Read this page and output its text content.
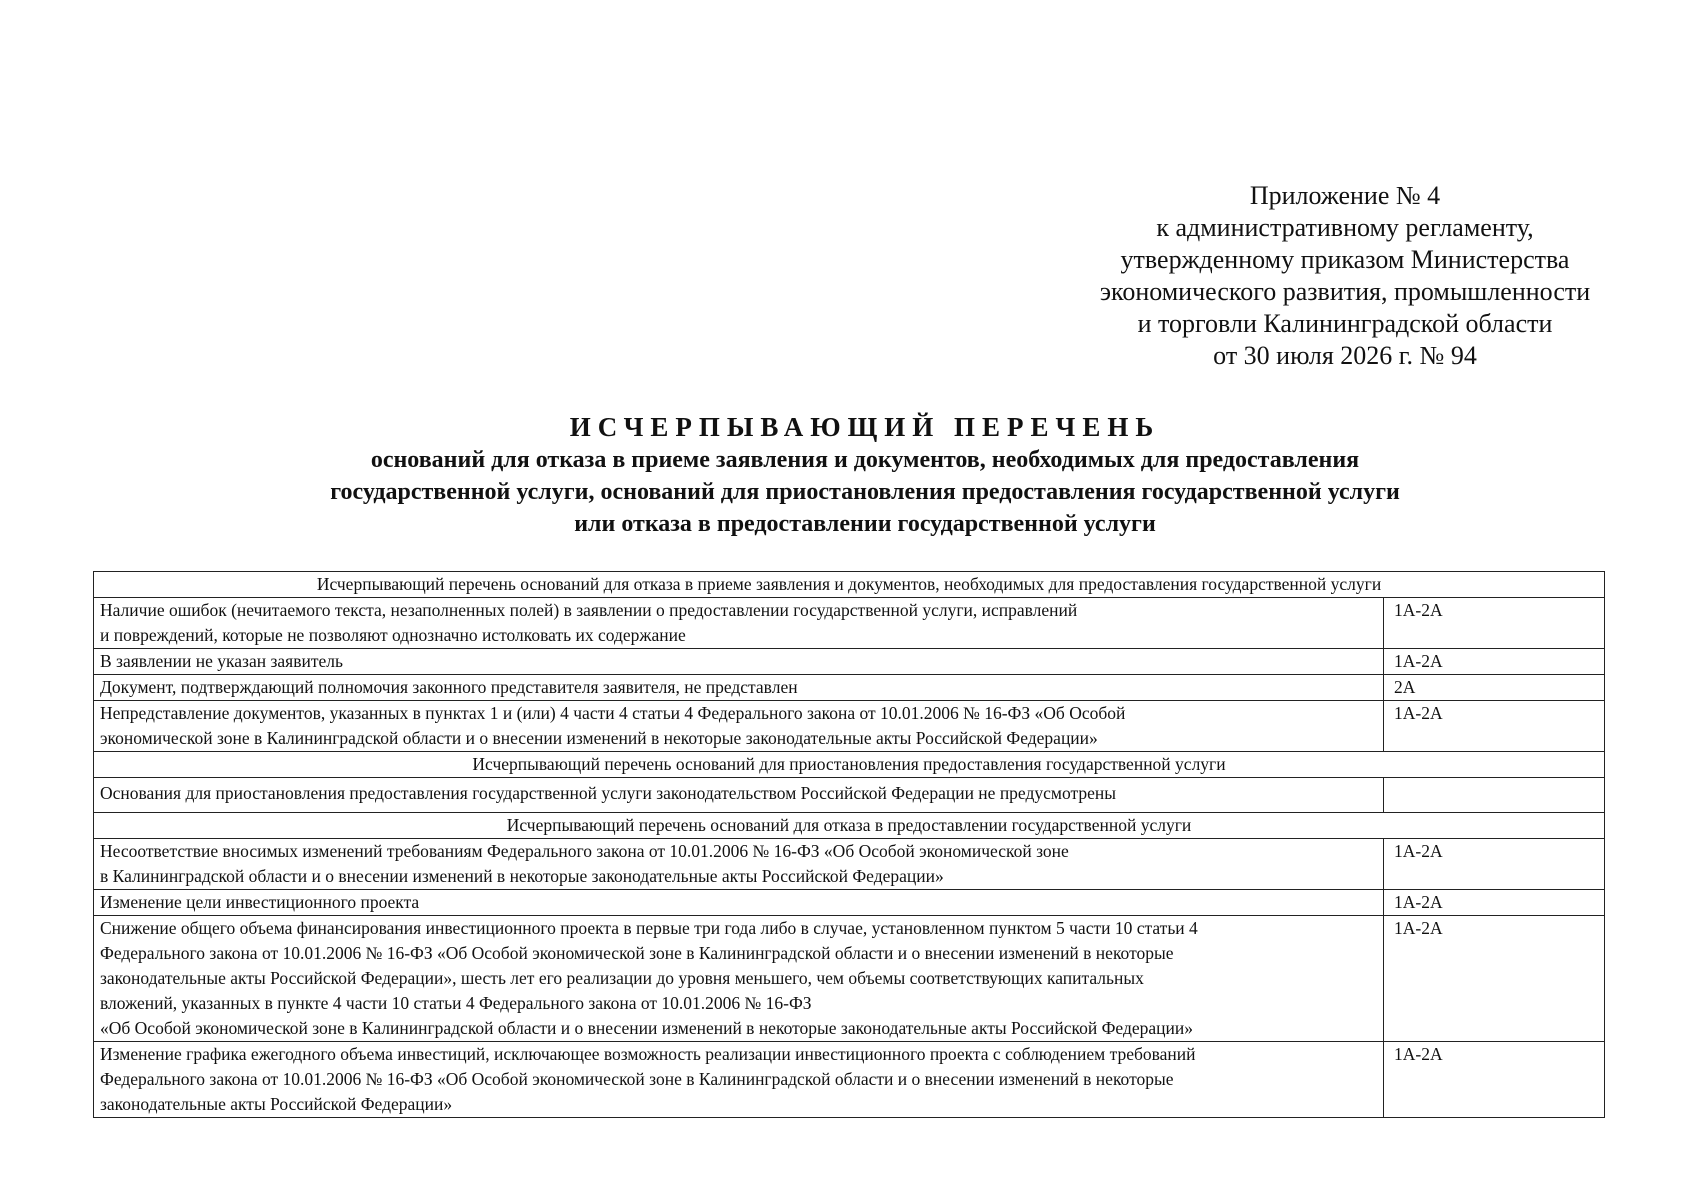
Приложение № 4
к административному регламенту,
утвержденному приказом Министерства
экономического развития, промышленности
и торговли Калининградской области
от 30 июля 2026 г. № 94
ИСЧЕРПЫВАЮЩИЙ ПЕРЕЧЕНЬ
оснований для отказа в приеме заявления и документов, необходимых для предоставления
государственной услуги, оснований для приостановления предоставления государственной услуги
или отказа в предоставлении государственной услуги
Исчерпывающий перечень оснований для отказа в приеме заявления и документов, необходимых для предоставления государственной услуги	

Наличие ошибок (нечитаемого текста, незаполненных полей) в заявлении о предоставлении государственной услуги, исправлений
и повреждений, которые не позволяют однозначно истолковать их содержание	1А-2А

В заявлении не указан заявитель	1А-2А

Документ, подтверждающий полномочия законного представителя заявителя, не представлен	2А

Непредставление документов, указанных в пунктах 1 и (или) 4 части 4 статьи 4 Федерального закона от 10.01.2006 № 16-ФЗ «Об Особой
экономической зоне в Калининградской области и о внесении изменений в некоторые законодательные акты Российской Федерации»	1А-2А
Исчерпывающий перечень оснований для приостановления предоставления государственной услуги	

Основания для приостановления предоставления государственной услуги законодательством Российской Федерации не предусмотрены	

Исчерпывающий перечень оснований для отказа в предоставлении государственной услуги	

Несоответствие вносимых изменений требованиям Федерального закона от 10.01.2006 № 16-ФЗ «Об Особой экономической зоне
в Калининградской области и о внесении изменений в некоторые законодательные акты Российской Федерации»	1А-2А

Изменение цели инвестиционного проекта	1А-2А

Снижение общего объема финансирования инвестиционного проекта в первые три года либо в случае, установленном пунктом 5 части 10 статьи 4
Федерального закона от 10.01.2006 № 16-ФЗ «Об Особой экономической зоне в Калининградской области и о внесении изменений в некоторые
законодательные акты Российской Федерации», шесть лет его реализации до уровня меньшего, чем объемы соответствующих капитальных
вложений, указанных в пункте 4 части 10 статьи 4 Федерального закона от 10.01.2006 № 16-ФЗ
«Об Особой экономической зоне в Калининградской области и о внесении изменений в некоторые законодательные акты Российской Федерации»	1А-2А

Изменение графика ежегодного объема инвестиций, исключающее возможность реализации инвестиционного проекта с соблюдением требований
Федерального закона от 10.01.2006 № 16-ФЗ «Об Особой экономической зоне в Калининградской области и о внесении изменений в некоторые
законодательные акты Российской Федерации»	1А-2А
